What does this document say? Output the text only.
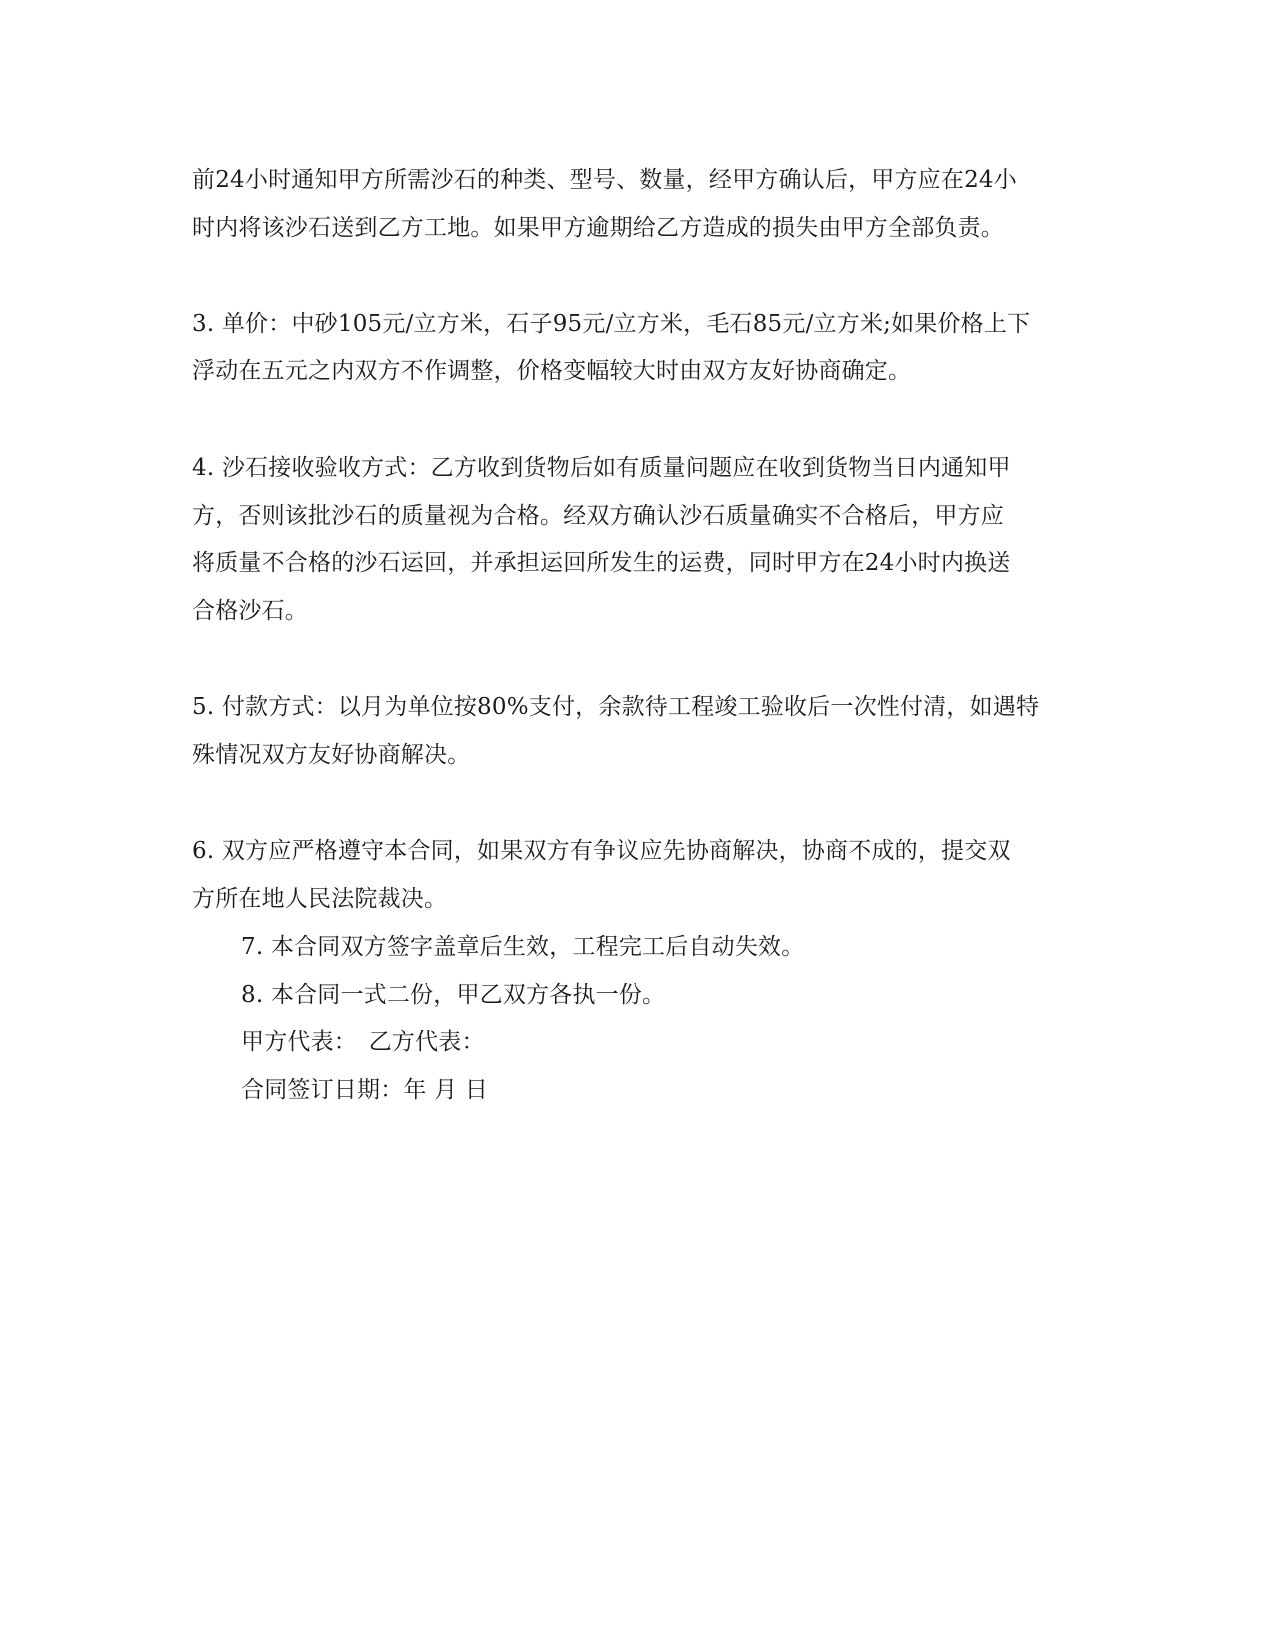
前24小时通知甲方所需沙石的种类、型号、数量，经甲方确认后，甲方应在24小
时内将该沙石送到乙方工地。如果甲方逾期给乙方造成的损失由甲方全部负责。
3. 单价：中砂105元/立方米，石子95元/立方米，毛石85元/立方米;如果价格上下
浮动在五元之内双方不作调整，价格变幅较大时由双方友好协商确定。
4. 沙石接收验收方式：乙方收到货物后如有质量问题应在收到货物当日内通知甲
方，否则该批沙石的质量视为合格。经双方确认沙石质量确实不合格后，甲方应
将质量不合格的沙石运回，并承担运回所发生的运费，同时甲方在24小时内换送
合格沙石。
5. 付款方式：以月为单位按80%支付，余款待工程竣工验收后一次性付清，如遇特
殊情况双方友好协商解决。
6. 双方应严格遵守本合同，如果双方有争议应先协商解决，协商不成的，提交双
方所在地人民法院裁决。
7. 本合同双方签字盖章后生效，工程完工后自动失效。
8. 本合同一式二份，甲乙双方各执一份。
甲方代表：　乙方代表：
合同签订日期：年 月 日
